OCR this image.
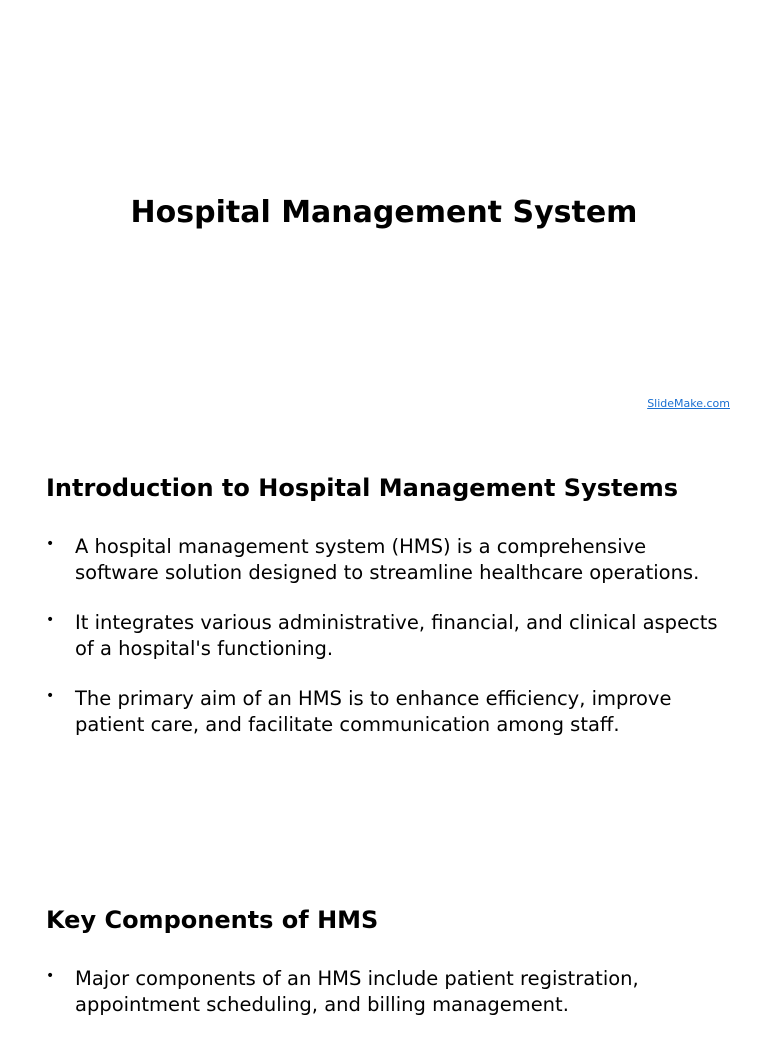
Hospital Management System
SlideMake.com
Introduction to Hospital Management Systems
• A hospital management system (HMS) is a comprehensive software solution designed to streamline healthcare operations.
• It integrates various administrative, financial, and clinical aspects of a hospital's functioning.
• The primary aim of an HMS is to enhance efficiency, improve patient care, and facilitate communication among staff.
Key Components of HMS
• Major components of an HMS include patient registration, appointment scheduling, and billing management.
